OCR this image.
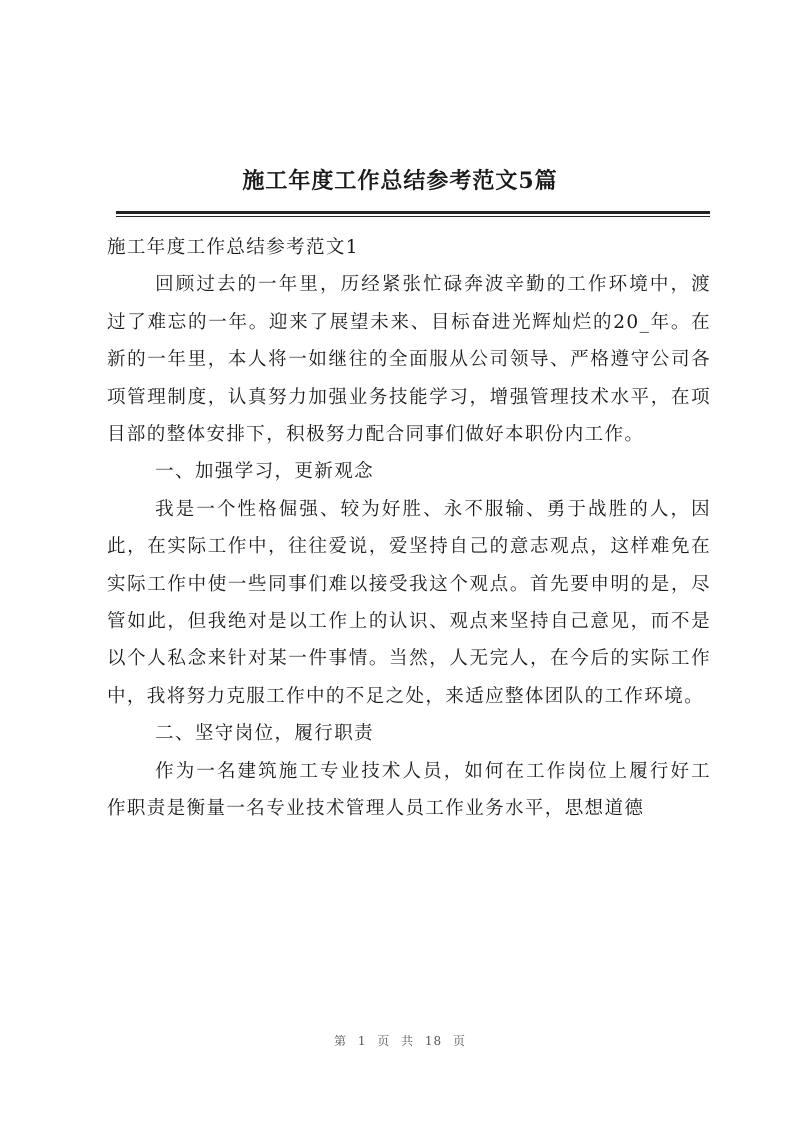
施工年度工作总结参考范文5篇

施工年度工作总结参考范文1

回顾过去的一年里，历经紧张忙碌奔波辛勤的工作环境中，渡过了难忘的一年。迎来了展望未来、目标奋进光辉灿烂的20_年。在新的一年里，本人将一如继往的全面服从公司领导、严格遵守公司各项管理制度，认真努力加强业务技能学习，增强管理技术水平，在项目部的整体安排下，积极努力配合同事们做好本职份内工作。

一、加强学习，更新观念

我是一个性格倔强、较为好胜、永不服输、勇于战胜的人，因此，在实际工作中，往往爱说，爱坚持自己的意志观点，这样难免在实际工作中使一些同事们难以接受我这个观点。首先要申明的是，尽管如此，但我绝对是以工作上的认识、观点来坚持自己意见，而不是以个人私念来针对某一件事情。当然，人无完人，在今后的实际工作中，我将努力克服工作中的不足之处，来适应整体团队的工作环境。

二、坚守岗位，履行职责

作为一名建筑施工专业技术人员，如何在工作岗位上履行好工作职责是衡量一名专业技术管理人员工作业务水平，思想道德

第 1 页 共 18 页
